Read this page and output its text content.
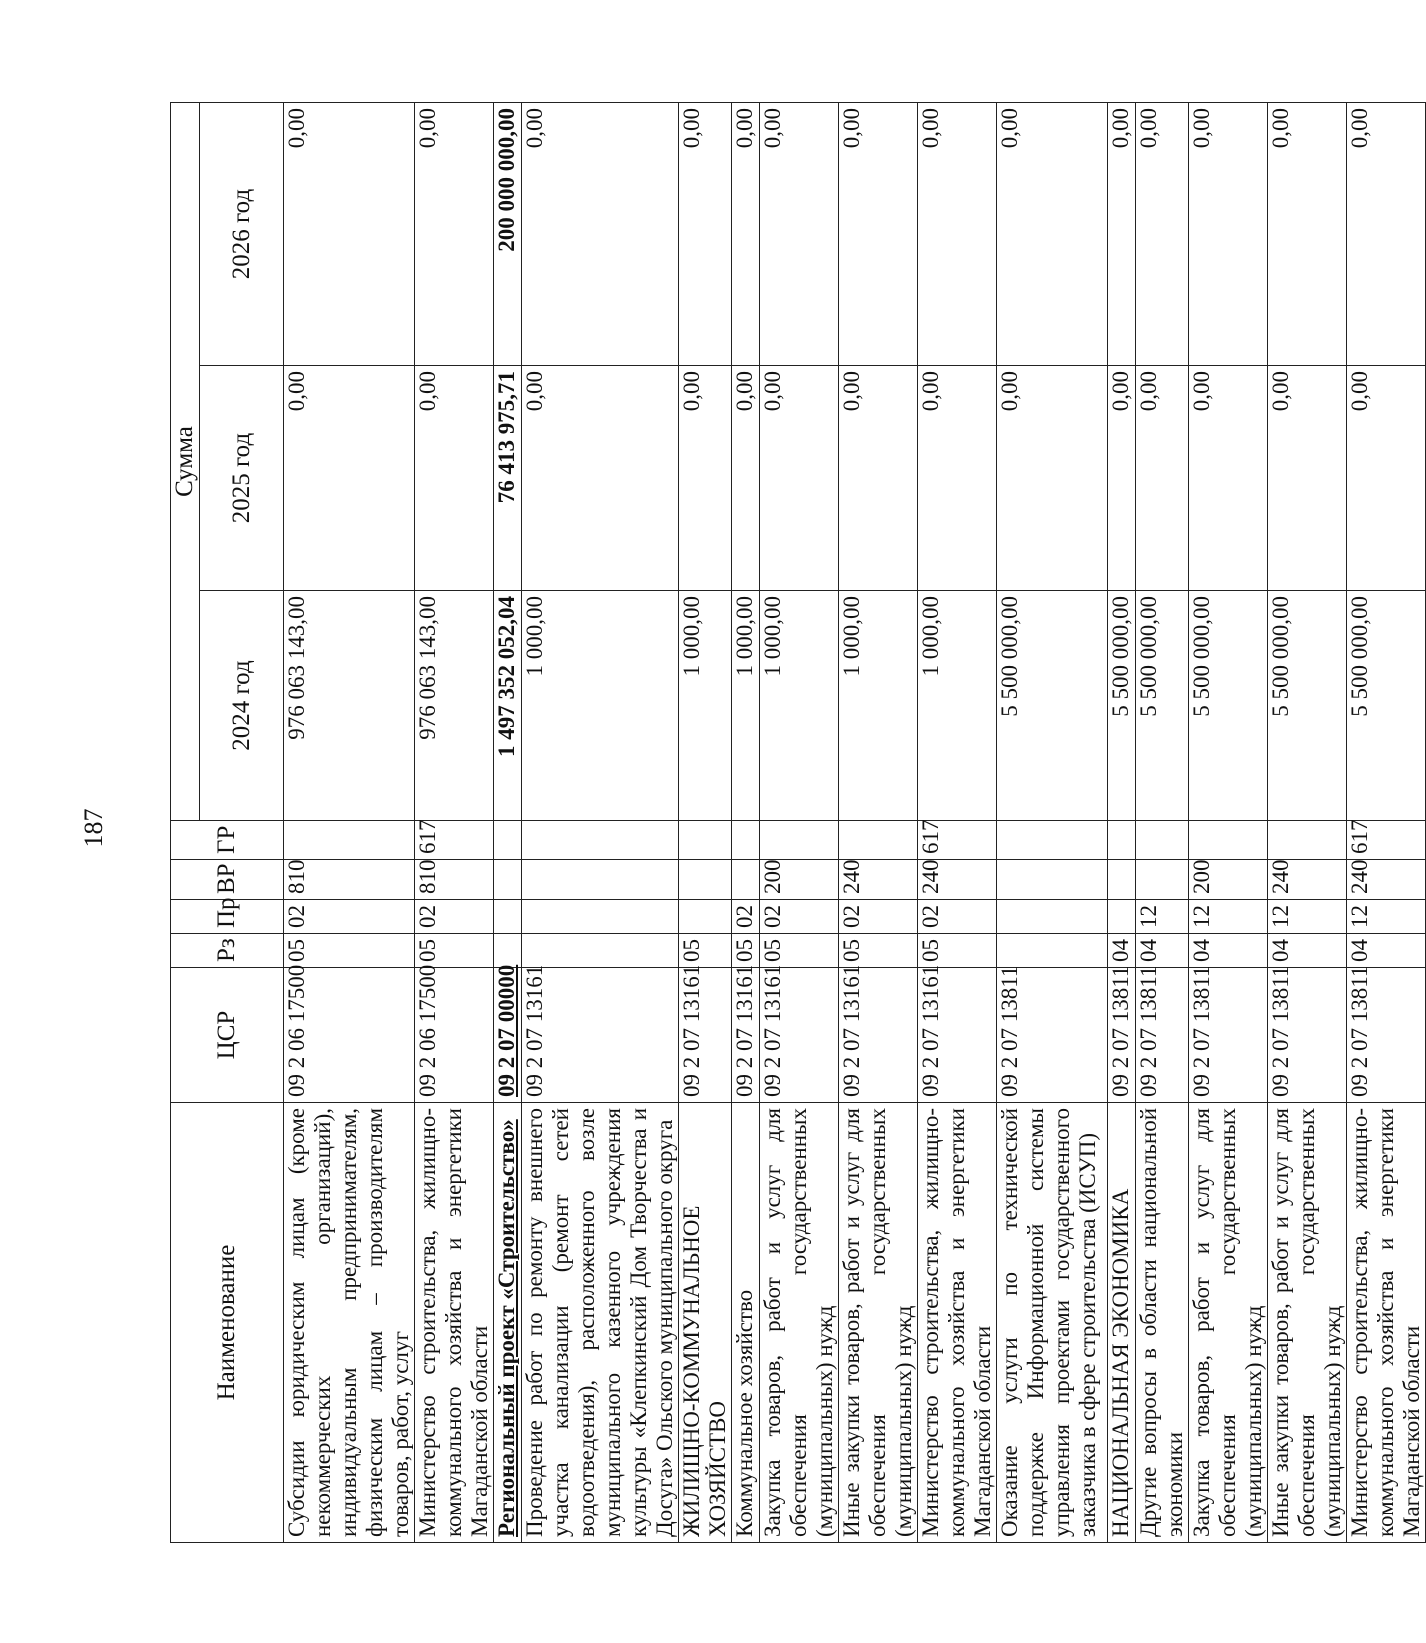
187
Наименование	ЦСР	Рз	Пр	ВР	ГР	Сумма		
						2024 год	2025 год	2026 год
Субсидии юридическим лицам (кроме некоммерческих организаций), индивидуальным предпринимателям, физическим лицам – производителям товаров, работ, услуг	09 2 06 17500	05	02	810		976 063 143,00	0,00	0,00
Министерство строительства, жилищно-коммунального хозяйства и энергетики Магаданской области	09 2 06 17500	05	02	810	617	976 063 143,00	0,00	0,00
Региональный проект «Строительство»	09 2 07 00000					1 497 352 052,04	76 413 975,71	200 000 000,00
Проведение работ по ремонту внешнего участка канализации (ремонт сетей водоотведения), расположенного возле муниципального казенного учреждения культуры «Клепкинский Дом Творчества и Досуга» Ольского муниципального округа	09 2 07 13161					1 000,00	0,00	0,00
ЖИЛИЩНО-КОММУНАЛЬНОЕ ХОЗЯЙСТВО	09 2 07 13161	05				1 000,00	0,00	0,00
Коммунальное хозяйство	09 2 07 13161	05	02			1 000,00	0,00	0,00
Закупка товаров, работ и услуг для обеспечения государственных (муниципальных) нужд	09 2 07 13161	05	02	200		1 000,00	0,00	0,00
Иные закупки товаров, работ и услуг для обеспечения государственных (муниципальных) нужд	09 2 07 13161	05	02	240		1 000,00	0,00	0,00
Министерство строительства, жилищно-коммунального хозяйства и энергетики Магаданской области	09 2 07 13161	05	02	240	617	1 000,00	0,00	0,00
Оказание услуги по технической поддержке Информационной системы управления проектами государственного заказчика в сфере строительства (ИСУП)	09 2 07 13811					5 500 000,00	0,00	0,00
НАЦИОНАЛЬНАЯ ЭКОНОМИКА	09 2 07 13811	04				5 500 000,00	0,00	0,00
Другие вопросы в области национальной экономики	09 2 07 13811	04	12			5 500 000,00	0,00	0,00
Закупка товаров, работ и услуг для обеспечения государственных (муниципальных) нужд	09 2 07 13811	04	12	200		5 500 000,00	0,00	0,00
Иные закупки товаров, работ и услуг для обеспечения государственных (муниципальных) нужд	09 2 07 13811	04	12	240		5 500 000,00	0,00	0,00
Министерство строительства, жилищно-коммунального хозяйства и энергетики Магаданской области	09 2 07 13811	04	12	240	617	5 500 000,00	0,00	0,00
